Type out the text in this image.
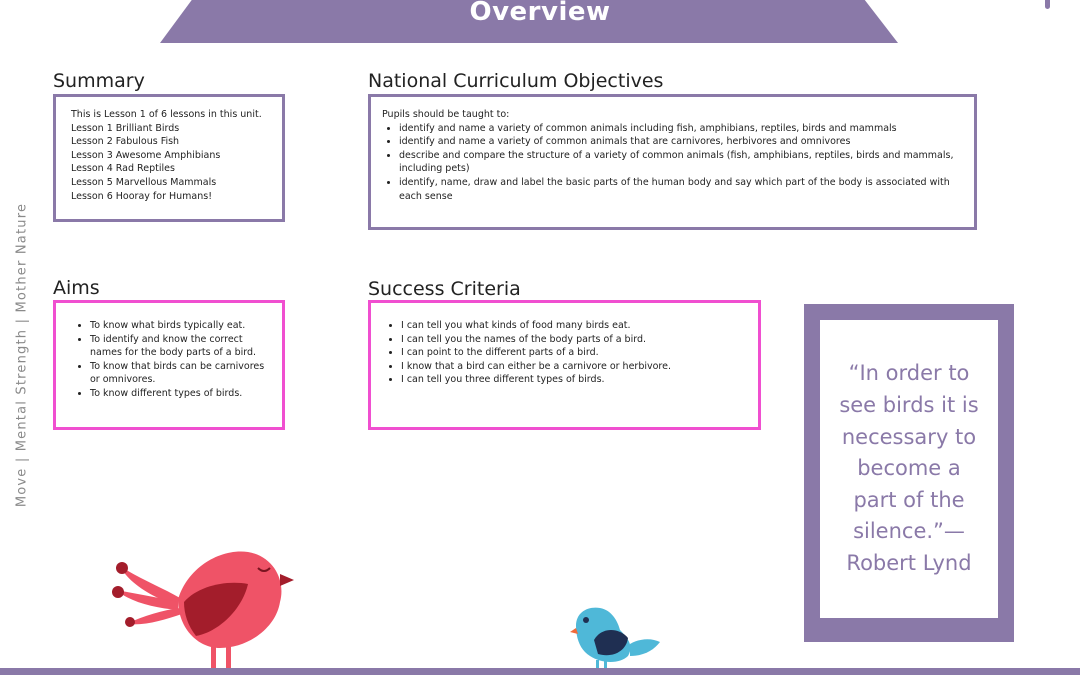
Overview
Move | Mental Strength | Mother Nature
Summary
This is Lesson 1 of 6 lessons in this unit.
Lesson 1 Brilliant Birds
Lesson 2 Fabulous Fish
Lesson 3 Awesome Amphibians
Lesson 4 Rad Reptiles
Lesson 5 Marvellous Mammals
Lesson 6 Hooray for Humans!
National Curriculum Objectives
Pupils should be taught to:
• identify and name a variety of common animals including fish, amphibians, reptiles, birds and mammals
• identify and name a variety of common animals that are carnivores, herbivores and omnivores
• describe and compare the structure of a variety of common animals (fish, amphibians, reptiles, birds and mammals, including pets)
• identify, name, draw and label the basic parts of the human body and say which part of the body is associated with each sense
Aims
• To know what birds typically eat.
• To identify and know the correct names for the body parts of a bird.
• To know that birds can be carnivores or omnivores.
• To know different types of birds.
Success Criteria
• I can tell you what kinds of food many birds eat.
• I can tell you the names of the body parts of a bird.
• I can point to the different parts of a bird.
• I know that a bird can either be a carnivore or herbivore.
• I can tell you three different types of birds.	“In order to see birds it is necessary to become a part of the silence.”— Robert Lynd
